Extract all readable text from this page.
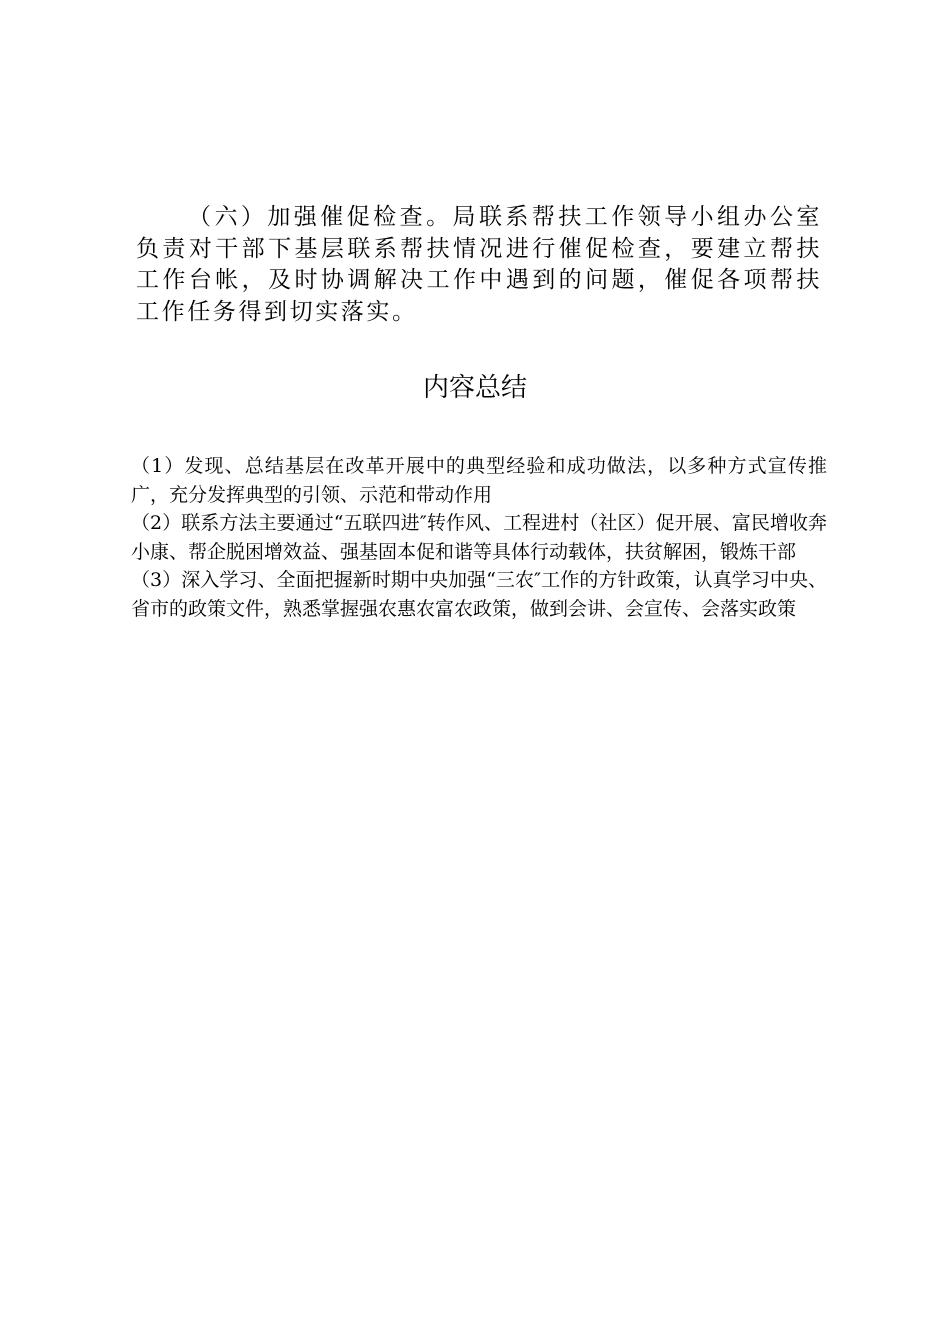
（六）加强催促检查。局联系帮扶工作领导小组办公室负责对干部下基层联系帮扶情况进行催促检查，要建立帮扶工作台帐，及时协调解决工作中遇到的问题，催促各项帮扶工作任务得到切实落实。

内容总结
（1）发现、总结基层在改革开展中的典型经验和成功做法，以多种方式宣传推广，充分发挥典型的引领、示范和带动作用
（2）联系方法主要通过“五联四进″转作风、工程进村（社区）促开展、富民增收奔小康、帮企脱困增效益、强基固本促和谐等具体行动载体，扶贫解困，锻炼干部
（3）深入学习、全面把握新时期中央加强“三农″工作的方针政策，认真学习中央、省市的政策文件，熟悉掌握强农惠农富农政策，做到会讲、会宣传、会落实政策
